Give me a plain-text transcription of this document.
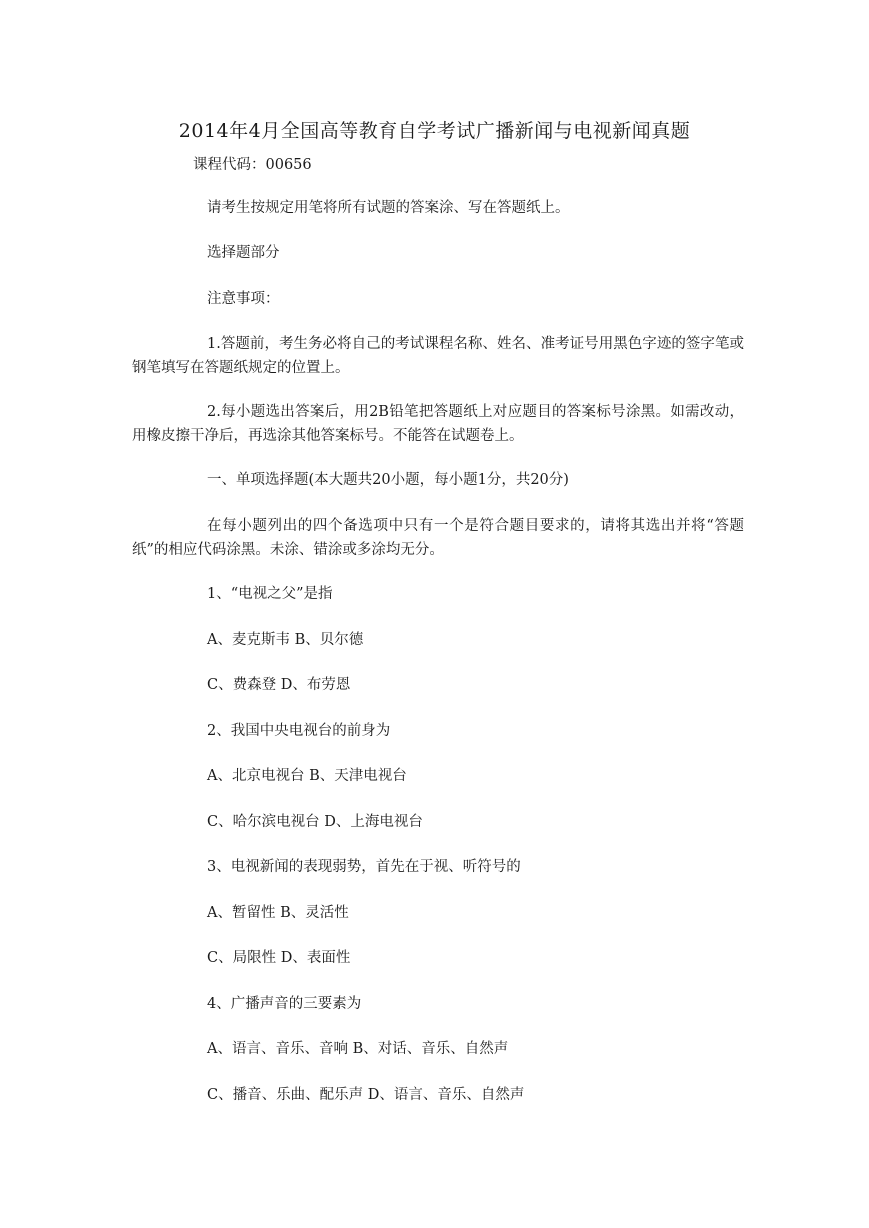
2014年4月全国高等教育自学考试广播新闻与电视新闻真题
课程代码：00656
请考生按规定用笔将所有试题的答案涂、写在答题纸上。
选择题部分
注意事项：
1.答题前，考生务必将自己的考试课程名称、姓名、准考证号用黑色字迹的签字笔或钢笔填写在答题纸规定的位置上。
2.每小题选出答案后，用2B铅笔把答题纸上对应题目的答案标号涂黑。如需改动，用橡皮擦干净后，再选涂其他答案标号。不能答在试题卷上。
一、单项选择题(本大题共20小题，每小题1分，共20分)
在每小题列出的四个备选项中只有一个是符合题目要求的，请将其选出并将“答题纸”的相应代码涂黑。未涂、错涂或多涂均无分。
1、“电视之父”是指
A、麦克斯韦 B、贝尔德
C、费森登 D、布劳恩
2、我国中央电视台的前身为
A、北京电视台 B、天津电视台
C、哈尔滨电视台 D、上海电视台
3、电视新闻的表现弱势，首先在于视、听符号的
A、暂留性 B、灵活性
C、局限性 D、表面性
4、广播声音的三要素为
A、语言、音乐、音响 B、对话、音乐、自然声
C、播音、乐曲、配乐声 D、语言、音乐、自然声
